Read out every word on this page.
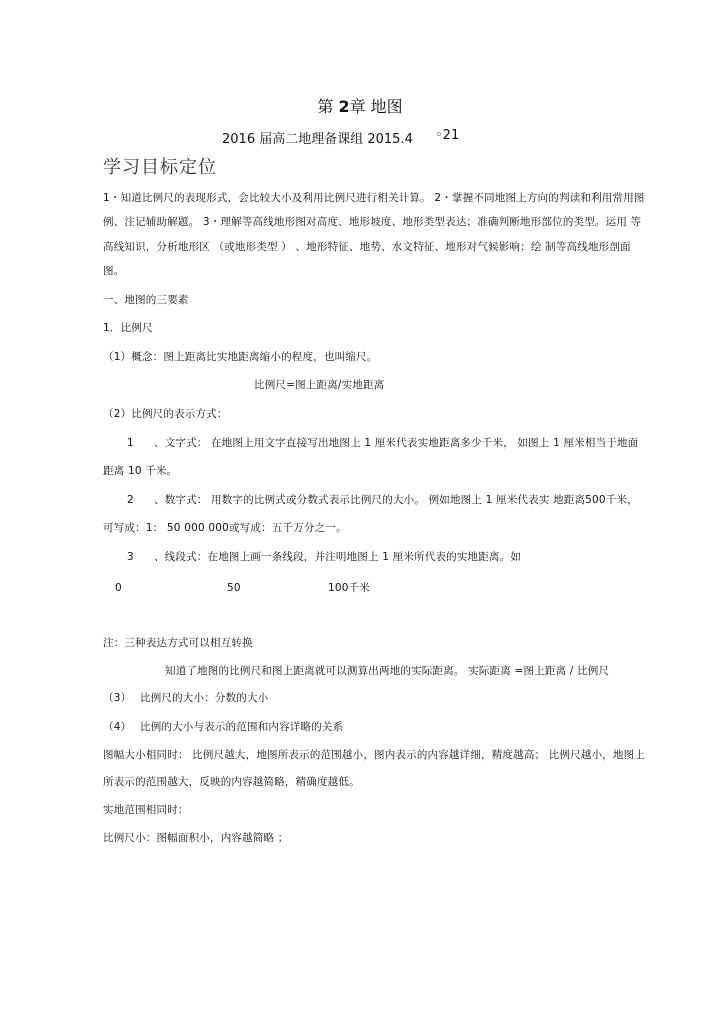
第 2章 地图
2016 届高二地理备课组 2015.4 ◦21
学习目标定位
1・知道比例尺的表现形式，会比较大小及利用比例尺进行相关计算。 2・掌握不同地图上方向的判读和利用常用图
例、注记辅助解题。 3・理解等高线地形图对高度、地形坡度、地形类型表达；准确判断地形部位的类型。运用 等
高线知识，分析地形区 （或地形类型 ） 、地形特征、地势、水文特征、地形对气候影响；绘 制等高线地形剖面
图。
一、地图的三要素
1．比例尺
（1）概念：图上距离比实地距离缩小的程度，也叫缩尺。
比例尺=图上距离/实地距离
（2）比例尺的表示方式：
1 、文字式： 在地图上用文字直接写出地图上 1 厘米代表实地距离多少千米， 如图上 1 厘米相当于地面
距离 10 千米。
2 、数字式： 用数字的比例式或分数式表示比例尺的大小。 例如地图上 1 厘米代表实 地距离500千米，
可写成：1： 50 000 000或写成：五千万分之一。
3 、线段式：在地图上画一条线段，并注明地图上 1 厘米所代表的实地距离。如
0	50	100千米
注：三种表达方式可以相互转换
知道了地图的比例尺和图上距离就可以测算出两地的实际距离。 实际距离 =图上距离 / 比例尺
（3） 比例尺的大小：分数的大小
（4） 比例的大小与表示的范围和内容详略的关系
图幅大小相同时： 比例尺越大，地图所表示的范围越小，图内表示的内容越详细，精度越高； 比例尺越小，地图上
所表示的范围越大，反映的内容越简略，精确度越低。
实地范围相同时：
比例尺小：图幅面积小，内容越简略 ；
